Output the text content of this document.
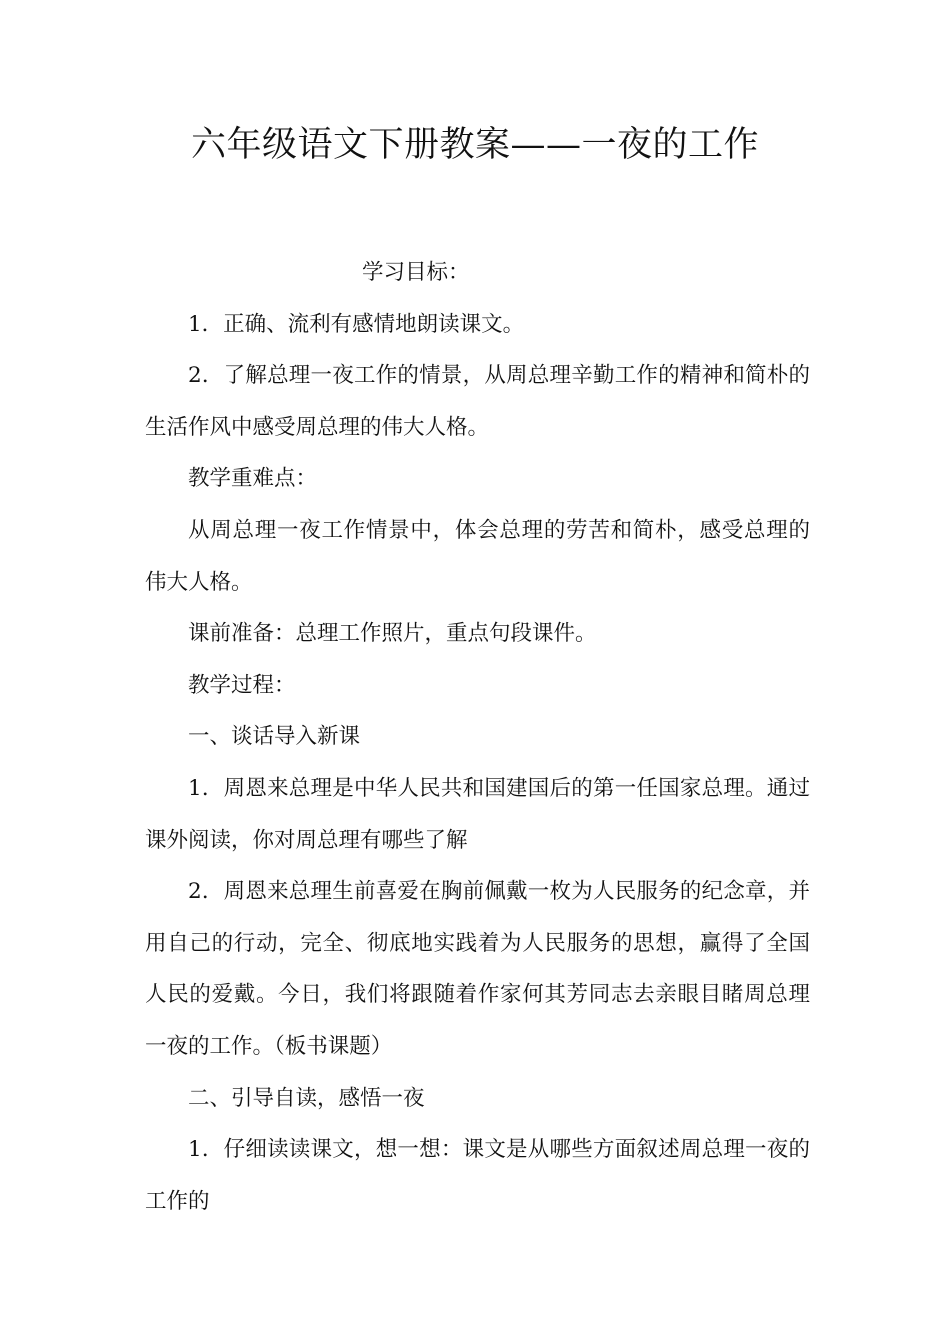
六年级语文下册教案——一夜的工作

学习目标：

1．正确、流利有感情地朗读课文。

2．了解总理一夜工作的情景，从周总理辛勤工作的精神和简朴的生活作风中感受周总理的伟大人格。

教学重难点：

从周总理一夜工作情景中，体会总理的劳苦和简朴，感受总理的伟大人格。

课前准备：总理工作照片，重点句段课件。

教学过程：

一、谈话导入新课

1．周恩来总理是中华人民共和国建国后的第一任国家总理。通过课外阅读，你对周总理有哪些了解

2．周恩来总理生前喜爱在胸前佩戴一枚为人民服务的纪念章，并用自己的行动，完全、彻底地实践着为人民服务的思想，赢得了全国人民的爱戴。今日，我们将跟随着作家何其芳同志去亲眼目睹周总理一夜的工作。（板书课题）

二、引导自读，感悟一夜

1．仔细读读课文，想一想：课文是从哪些方面叙述周总理一夜的工作的
